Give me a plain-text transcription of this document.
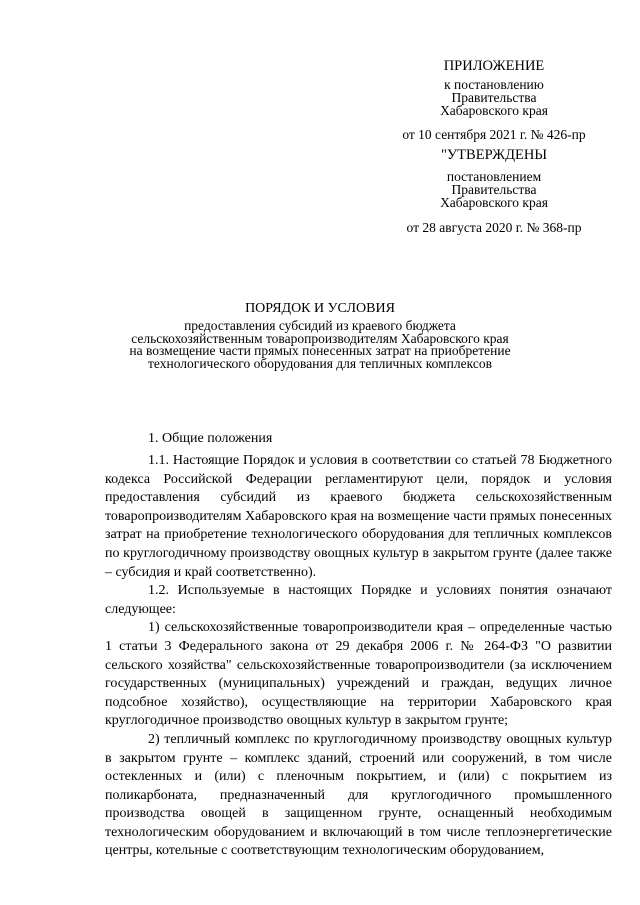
ПРИЛОЖЕНИЕ
к постановлению
Правительства
Хабаровского края
от 10 сентября 2021 г. № 426-пр
"УТВЕРЖДЕНЫ
постановлением
Правительства
Хабаровского края
от 28 августа 2020 г. № 368-пр
ПОРЯДОК И УСЛОВИЯ
предоставления субсидий из краевого бюджета
сельскохозяйственным товаропроизводителям Хабаровского края
на возмещение части прямых понесенных затрат на приобретение
технологического оборудования для тепличных комплексов
1. Общие положения

1.1. Настоящие Порядок и условия в соответствии со статьей 78 Бюджетного кодекса Российской Федерации регламентируют цели, порядок и условия предоставления субсидий из краевого бюджета сельскохозяйственным товаропроизводителям Хабаровского края на возмещение части прямых понесенных затрат на приобретение технологического оборудования для тепличных комплексов по круглогодичному производству овощных культур в закрытом грунте (далее также – субсидия и край соответственно).

1.2. Используемые в настоящих Порядке и условиях понятия означают следующее:

1) сельскохозяйственные товаропроизводители края – определенные частью 1 статьи 3 Федерального закона от 29 декабря 2006 г. № 264-ФЗ "О развитии сельского хозяйства" сельскохозяйственные товаропроизводители (за исключением государственных (муниципальных) учреждений и граждан, ведущих личное подсобное хозяйство), осуществляющие на территории Хабаровского края круглогодичное производство овощных культур в закрытом грунте;

2) тепличный комплекс по круглогодичному производству овощных культур в закрытом грунте – комплекс зданий, строений или сооружений, в том числе остекленных и (или) с пленочным покрытием, и (или) с покрытием из поликарбоната, предназначенный для круглогодичного промышленного производства овощей в защищенном грунте, оснащенный необходимым технологическим оборудованием и включающий в том числе теплоэнергетические центры, котельные с соответствующим технологическим оборудованием,
